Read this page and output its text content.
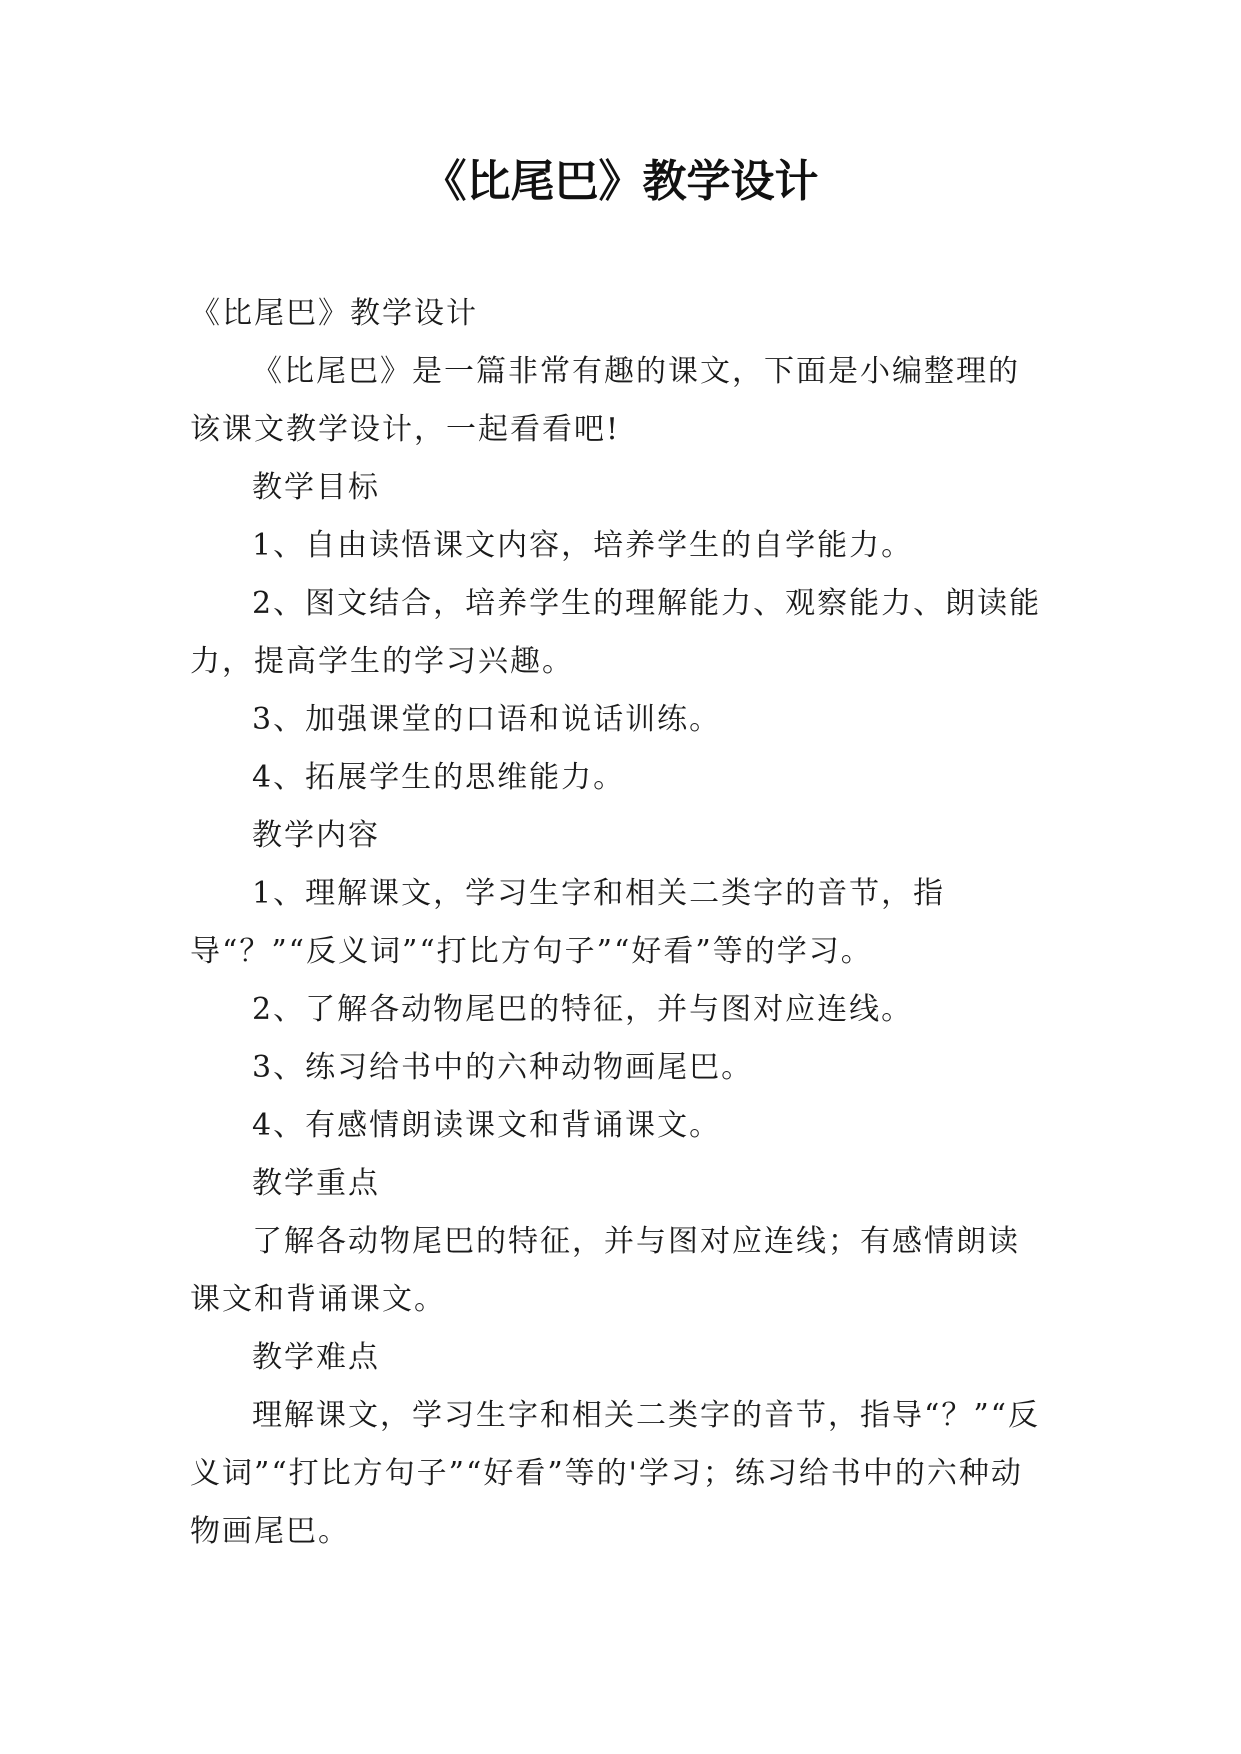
《比尾巴》教学设计

《比尾巴》教学设计

《比尾巴》是一篇非常有趣的课文，下面是小编整理的该课文教学设计，一起看看吧!

教学目标

1、自由读悟课文内容，培养学生的自学能力。

2、图文结合，培养学生的理解能力、观察能力、朗读能力，提高学生的学习兴趣。

3、加强课堂的口语和说话训练。

4、拓展学生的思维能力。

教学内容

1、理解课文，学习生字和相关二类字的音节，指导“？”“反义词”“打比方句子”“好看”等的学习。

2、了解各动物尾巴的特征，并与图对应连线。

3、练习给书中的六种动物画尾巴。

4、有感情朗读课文和背诵课文。

教学重点

了解各动物尾巴的特征，并与图对应连线；有感情朗读课文和背诵课文。

教学难点

理解课文，学习生字和相关二类字的音节，指导“？”“反义词”“打比方句子”“好看”等的'学习；练习给书中的六种动物画尾巴。
